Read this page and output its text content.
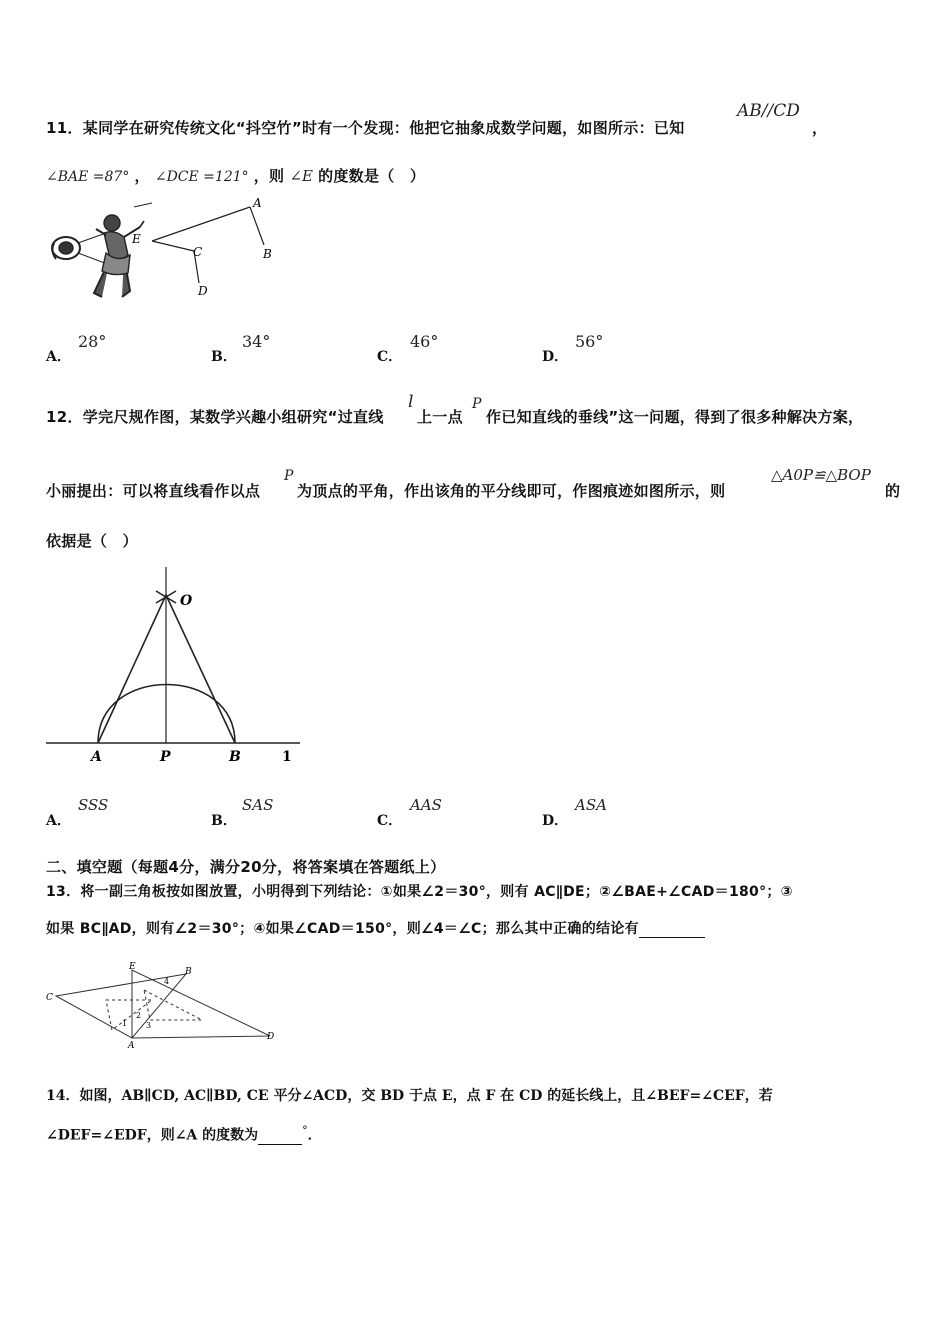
11．某同学在研究传统文化“抖空竹”时有一个发现：他把它抽象成数学问题，如图所示：已知
AB//CD
，
∠BAE =87° ， ∠DCE =121° ，则 ∠E 的度数是（　）
A
B
C
D
E
A．
28°
B．
34°
C．
46°
D．
56°
12．学完尺规作图，某数学兴趣小组研究“过直线
l
上一点
P
作已知直线的垂线”这一问题，得到了很多种解决方案，
小丽提出：可以将直线看作以点
P
为顶点的平角，作出该角的平分线即可，作图痕迹如图所示，则
△A0P≌△BOP
的
依据是（　）
O
A	P	B	1
A．
SSS
B．
SAS
C．
AAS
D．
ASA
二、填空题（每题4分，满分20分，将答案填在答题纸上）
13．将一副三角板按如图放置，小明得到下列结论：①如果∠2＝30°，则有 AC∥DE；②∠BAE+∠CAD＝180°；③
如果 BC∥AD，则有∠2＝30°；④如果∠CAD＝150°，则∠4＝∠C；那么其中正确的结论有
C
E	B
D
A
1
2
3
4
14．如图，AB∥CD, AC∥BD, CE 平分∠ACD，交 BD 于点 E，点 F 在 CD 的延长线上，且∠BEF=∠CEF，若
∠DEF=∠EDF，则∠A 的度数为	°．
